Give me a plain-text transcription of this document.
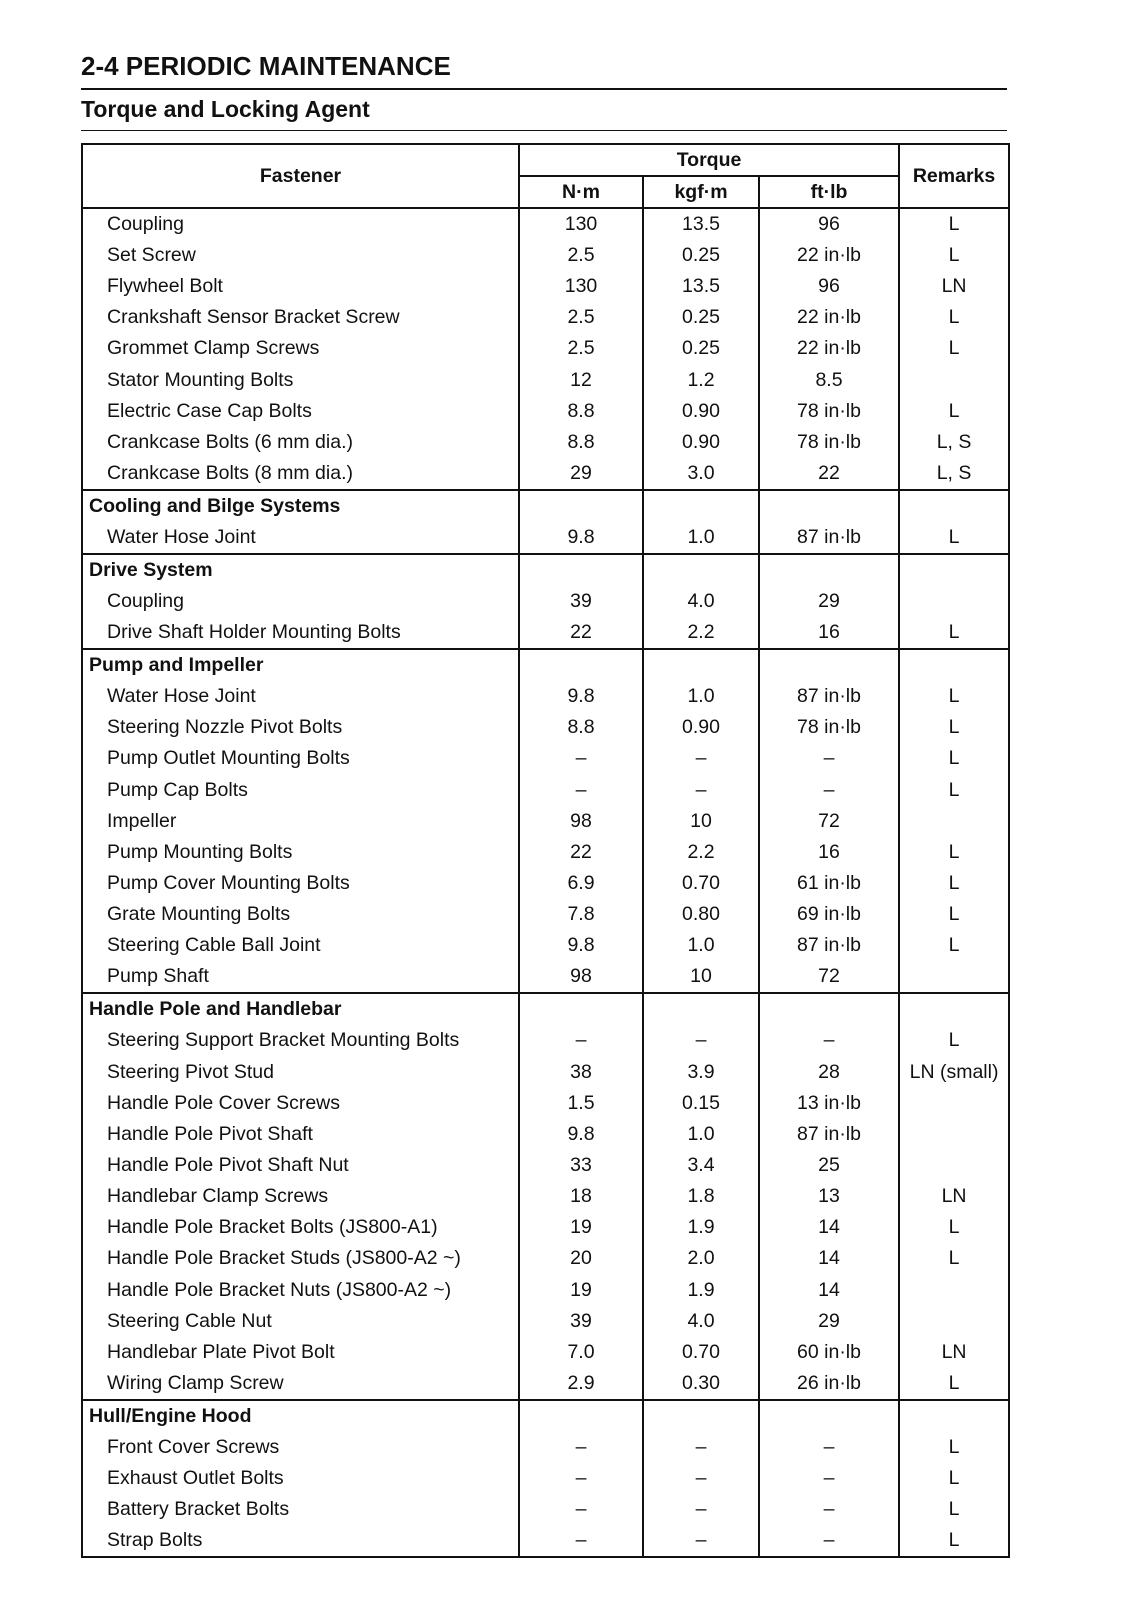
2-4 PERIODIC MAINTENANCE
Torque and Locking Agent
Fastener	Torque			Remarks
	N·m	kgf·m	ft·lb	
Coupling	130	13.5	96	L
Set Screw	2.5	0.25	22 in·lb	L
Flywheel Bolt	130	13.5	96	LN
Crankshaft Sensor Bracket Screw	2.5	0.25	22 in·lb	L
Grommet Clamp Screws	2.5	0.25	22 in·lb	L
Stator Mounting Bolts	12	1.2	8.5	
Electric Case Cap Bolts	8.8	0.90	78 in·lb	L
Crankcase Bolts (6 mm dia.)	8.8	0.90	78 in·lb	L, S
Crankcase Bolts (8 mm dia.)	29	3.0	22	L, S
Cooling and Bilge Systems				
Water Hose Joint	9.8	1.0	87 in·lb	L
Drive System				
Coupling	39	4.0	29	
Drive Shaft Holder Mounting Bolts	22	2.2	16	L
Pump and Impeller				
Water Hose Joint	9.8	1.0	87 in·lb	L
Steering Nozzle Pivot Bolts	8.8	0.90	78 in·lb	L
Pump Outlet Mounting Bolts	–	–	–	L
Pump Cap Bolts	–	–	–	L
Impeller	98	10	72	
Pump Mounting Bolts	22	2.2	16	L
Pump Cover Mounting Bolts	6.9	0.70	61 in·lb	L
Grate Mounting Bolts	7.8	0.80	69 in·lb	L
Steering Cable Ball Joint	9.8	1.0	87 in·lb	L
Pump Shaft	98	10	72	
Handle Pole and Handlebar				
Steering Support Bracket Mounting Bolts	–	–	–	L
Steering Pivot Stud	38	3.9	28	LN (small)
Handle Pole Cover Screws	1.5	0.15	13 in·lb	
Handle Pole Pivot Shaft	9.8	1.0	87 in·lb	
Handle Pole Pivot Shaft Nut	33	3.4	25	
Handlebar Clamp Screws	18	1.8	13	LN
Handle Pole Bracket Bolts (JS800-A1)	19	1.9	14	L
Handle Pole Bracket Studs (JS800-A2 ~)	20	2.0	14	L
Handle Pole Bracket Nuts (JS800-A2 ~)	19	1.9	14	
Steering Cable Nut	39	4.0	29	
Handlebar Plate Pivot Bolt	7.0	0.70	60 in·lb	LN
Wiring Clamp Screw	2.9	0.30	26 in·lb	L
Hull/Engine Hood				
Front Cover Screws	–	–	–	L
Exhaust Outlet Bolts	–	–	–	L
Battery Bracket Bolts	–	–	–	L
Strap Bolts	–	–	–	L
